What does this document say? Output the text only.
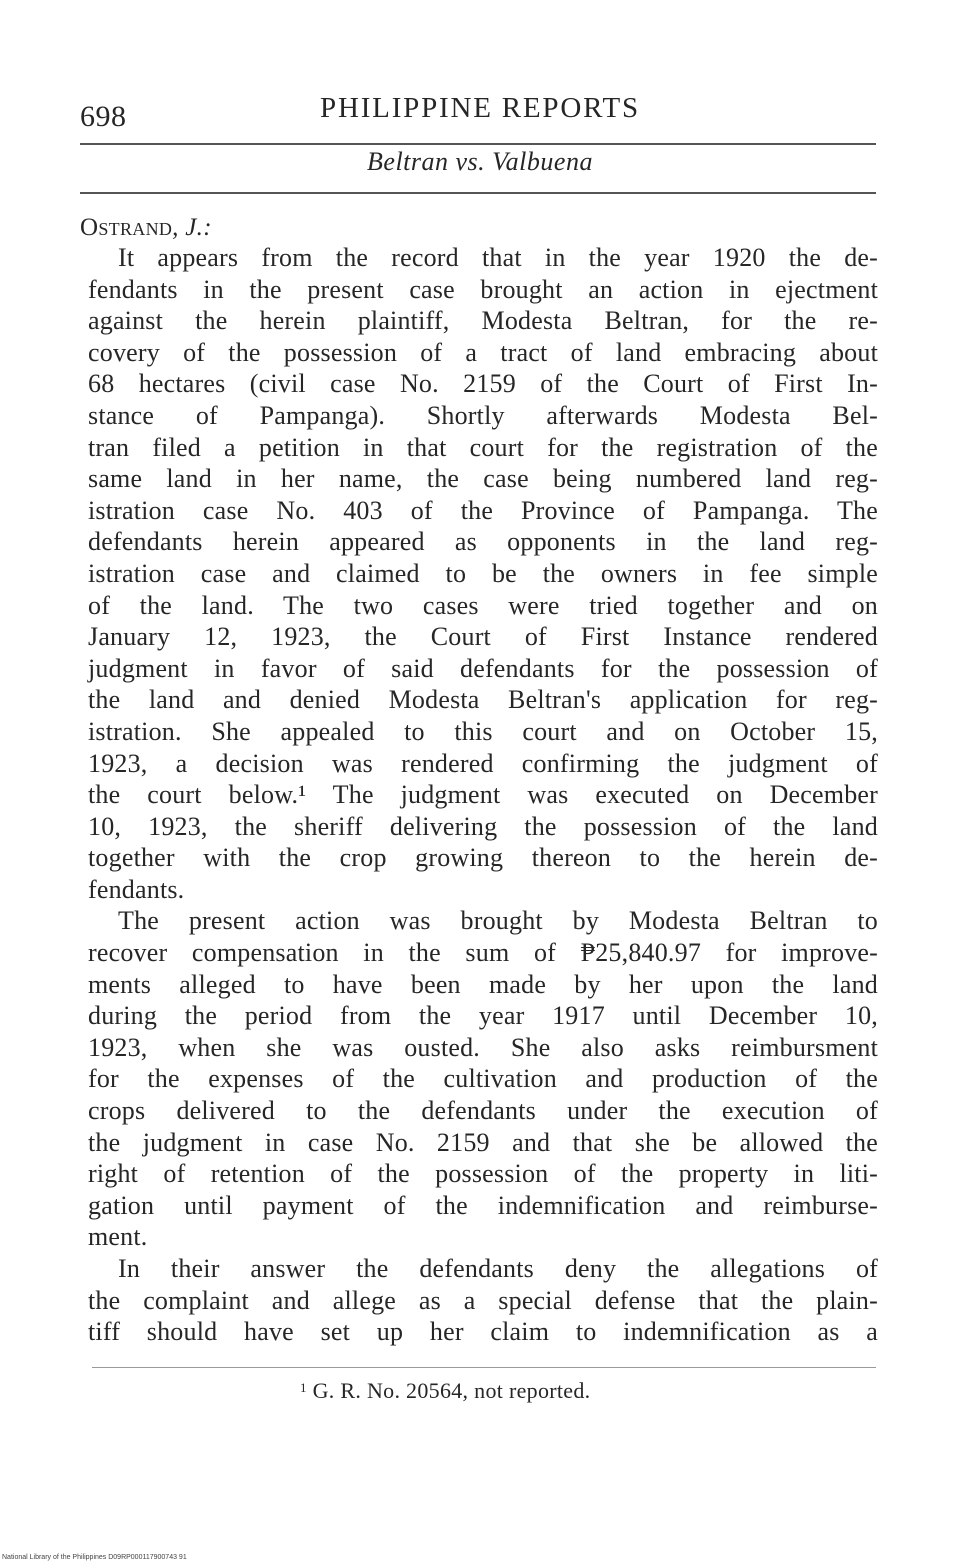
698	PHILIPPINE REPORTS
Beltran vs. Valbuena
Ostrand, J.:
It appears from the record that in the year 1920 the de-
fendants in the present case brought an action in ejectment
against the herein plaintiff, Modesta Beltran, for the re-
covery of the possession of a tract of land embracing about
68 hectares (civil case No. 2159 of the Court of First In-
stance of Pampanga). Shortly afterwards Modesta Bel-
tran filed a petition in that court for the registration of the
same land in her name, the case being numbered land reg-
istration case No. 403 of the Province of Pampanga. The
defendants herein appeared as opponents in the land reg-
istration case and claimed to be the owners in fee simple
of the land. The two cases were tried together and on
January 12, 1923, the Court of First Instance rendered
judgment in favor of said defendants for the possession of
the land and denied Modesta Beltran's application for reg-
istration. She appealed to this court and on October 15,
1923, a decision was rendered confirming the judgment of
the court below.¹ The judgment was executed on December
10, 1923, the sheriff delivering the possession of the land
together with the crop growing thereon to the herein de-
fendants.
The present action was brought by Modesta Beltran to
recover compensation in the sum of ₱25,840.97 for improve-
ments alleged to have been made by her upon the land
during the period from the year 1917 until December 10,
1923, when she was ousted. She also asks reimbursment
for the expenses of the cultivation and production of the
crops delivered to the defendants under the execution of
the judgment in case No. 2159 and that she be allowed the
right of retention of the possession of the property in liti-
gation until payment of the indemnification and reimburse-
ment.
In their answer the defendants deny the allegations of
the complaint and allege as a special defense that the plain-
tiff should have set up her claim to indemnification as a
$^1$ G. R. No. 20564, not reported.
National Library of the Philippines D09RP000117900743 91
